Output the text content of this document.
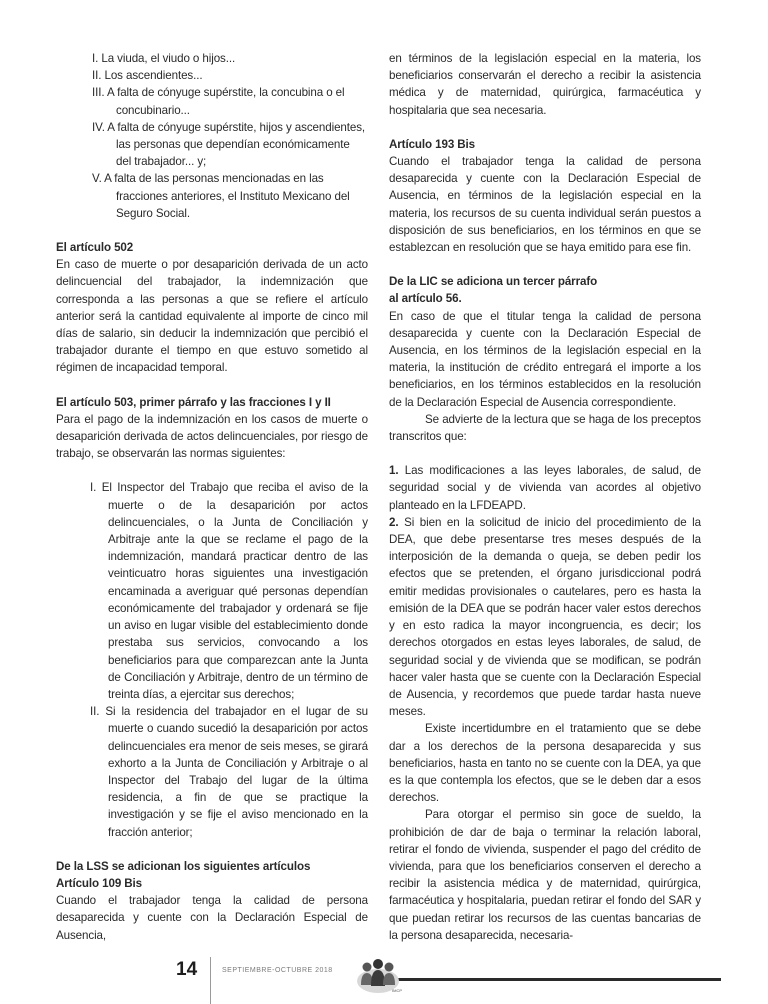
I. La viuda, el viudo o hijos...
II. Los ascendientes...
III. A falta de cónyuge supérstite, la concubina o el concubinario...
IV. A falta de cónyuge supérstite, hijos y ascendientes, las personas que dependían económicamente del trabajador... y;
V. A falta de las personas mencionadas en las fracciones anteriores, el Instituto Mexicano del Seguro Social.

El artículo 502

En caso de muerte o por desaparición derivada de un acto delincuencial del trabajador, la indemnización que corresponda a las personas a que se refiere el artículo anterior será la cantidad equivalente al importe de cinco mil días de salario, sin deducir la indemnización que percibió el trabajador durante el tiempo en que estuvo sometido al régimen de incapacidad temporal.

El artículo 503, primer párrafo y las fracciones I y II

Para el pago de la indemnización en los casos de muerte o desaparición derivada de actos delincuenciales, por riesgo de trabajo, se observarán las normas siguientes:

I. El Inspector del Trabajo que reciba el aviso de la muerte o de la desaparición por actos delincuenciales, o la Junta de Conciliación y Arbitraje ante la que se reclame el pago de la indemnización, mandará practicar dentro de las veinticuatro horas siguientes una investigación encaminada a averiguar qué personas dependían económicamente del trabajador y ordenará se fije un aviso en lugar visible del establecimiento donde prestaba sus servicios, convocando a los beneficiarios para que comparezcan ante la Junta de Conciliación y Arbitraje, dentro de un término de treinta días, a ejercitar sus derechos;
II. Si la residencia del trabajador en el lugar de su muerte o cuando sucedió la desaparición por actos delincuenciales era menor de seis meses, se girará exhorto a la Junta de Conciliación y Arbitraje o al Inspector del Trabajo del lugar de la última residencia, a fin de que se practique la investigación y se fije el aviso mencionado en la fracción anterior;

De la LSS se adicionan los siguientes artículos

Artículo 109 Bis

Cuando el trabajador tenga la calidad de persona desaparecida y cuente con la Declaración Especial de Ausencia,

en términos de la legislación especial en la materia, los beneficiarios conservarán el derecho a recibir la asistencia médica y de maternidad, quirúrgica, farmacéutica y hospitalaria que sea necesaria.

Artículo 193 Bis

Cuando el trabajador tenga la calidad de persona desaparecida y cuente con la Declaración Especial de Ausencia, en términos de la legislación especial en la materia, los recursos de su cuenta individual serán puestos a disposición de sus beneficiarios, en los términos en que se establezcan en resolución que se haya emitido para ese fin.

De la LIC se adiciona un tercer párrafo

al artículo 56.

En caso de que el titular tenga la calidad de persona desaparecida y cuente con la Declaración Especial de Ausencia, en los términos de la legislación especial en la materia, la institución de crédito entregará el importe a los beneficiarios, en los términos establecidos en la resolución de la Declaración Especial de Ausencia correspondiente.

Se advierte de la lectura que se haga de los preceptos transcritos que:

1. Las modificaciones a las leyes laborales, de salud, de seguridad social y de vivienda van acordes al objetivo planteado en la LFDEAPD.

2. Si bien en la solicitud de inicio del procedimiento de la DEA, que debe presentarse tres meses después de la interposición de la demanda o queja, se deben pedir los efectos que se pretenden, el órgano jurisdiccional podrá emitir medidas provisionales o cautelares, pero es hasta la emisión de la DEA que se podrán hacer valer estos derechos y en esto radica la mayor incongruencia, es decir; los derechos otorgados en estas leyes laborales, de salud, de seguridad social y de vivienda que se modifican, se podrán hacer valer hasta que se cuente con la Declaración Especial de Ausencia, y recordemos que puede tardar hasta nueve meses.

Existe incertidumbre en el tratamiento que se debe dar a los derechos de la persona desaparecida y sus beneficiarios, hasta en tanto no se cuente con la DEA, ya que es la que contempla los efectos, que se le deben dar a esos derechos.

Para otorgar el permiso sin goce de sueldo, la prohibición de dar de baja o terminar la relación laboral, retirar el fondo de vivienda, suspender el pago del crédito de vivienda, para que los beneficiarios conserven el derecho a recibir la asistencia médica y de maternidad, quirúrgica, farmacéutica y hospitalaria, puedan retirar el fondo del SAR y que puedan retirar los recursos de las cuentas bancarias de la persona desaparecida, necesaria-

14	SEPTIEMBRE-OCTUBRE 2018
IMCP
